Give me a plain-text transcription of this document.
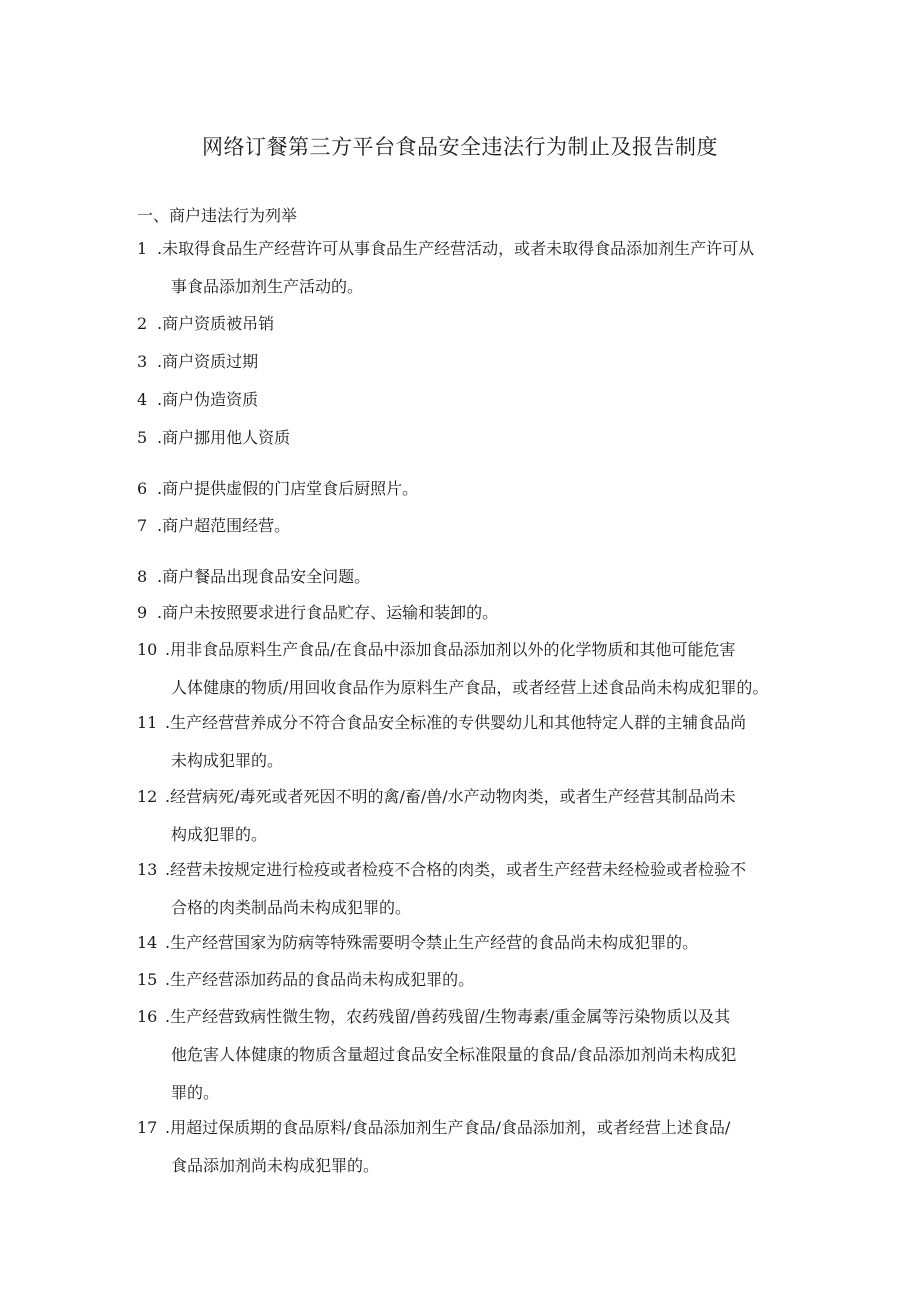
网络订餐第三方平台食品安全违法行为制止及报告制度
一、商户违法行为列举
1 .未取得食品生产经营许可从事食品生产经营活动，或者未取得食品添加剂生产许可从
事食品添加剂生产活动的。
2 .商户资质被吊销
3 .商户资质过期
4 .商户伪造资质
5 .商户挪用他人资质
6 .商户提供虚假的门店堂食后厨照片。
7 .商户超范围经营。
8 .商户餐品出现食品安全问题。
9 .商户未按照要求进行食品贮存、运输和装卸的。
10 .用非食品原料生产食品/在食品中添加食品添加剂以外的化学物质和其他可能危害
人体健康的物质/用回收食品作为原料生产食品，或者经营上述食品尚未构成犯罪的。
11 .生产经营营养成分不符合食品安全标准的专供婴幼儿和其他特定人群的主辅食品尚
未构成犯罪的。
12 .经营病死/毒死或者死因不明的禽/畜/兽/水产动物肉类，或者生产经营其制品尚未
构成犯罪的。
13 .经营未按规定进行检疫或者检疫不合格的肉类，或者生产经营未经检验或者检验不
合格的肉类制品尚未构成犯罪的。
14 .生产经营国家为防病等特殊需要明令禁止生产经营的食品尚未构成犯罪的。
15 .生产经营添加药品的食品尚未构成犯罪的。
16 .生产经营致病性微生物，农药残留/兽药残留/生物毒素/重金属等污染物质以及其
他危害人体健康的物质含量超过食品安全标准限量的食品/食品添加剂尚未构成犯
罪的。
17 .用超过保质期的食品原料/食品添加剂生产食品/食品添加剂，或者经营上述食品/
食品添加剂尚未构成犯罪的。
